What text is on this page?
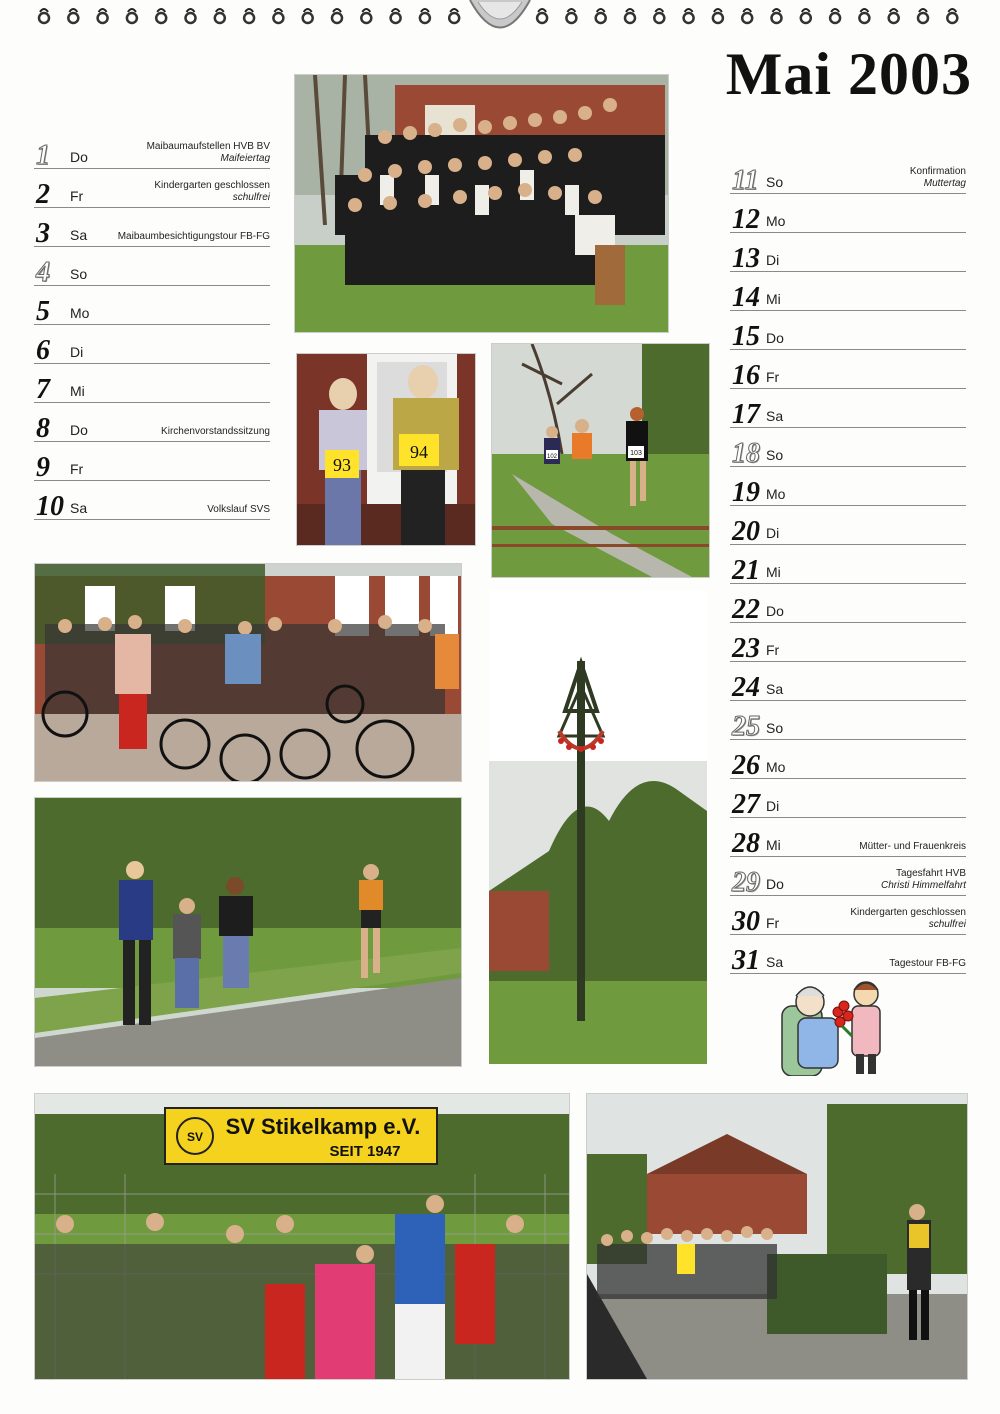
Mai 2003
1 Do
Maibaumaufstellen HVB BV
Maifeiertag
2 Fr
Kindergarten geschlossen
schulfrei
3 Sa	Maibaumbesichtigungstour FB-FG
4 So
5 Mo
6 Di
7 Mi
8 Do	Kirchenvorstandssitzung
9 Fr
10 Sa	Volkslauf SVS
11 So
Konfirmation
Muttertag
12 Mo
13 Di
14 Mi
15 Do
16 Fr
17 Sa
18 So
19 Mo
20 Di
21 Mi
22 Do
23 Fr
24 Sa
25 So
26 Mo
27 Di
28 Mi	Mütter- und Frauenkreis
29 Do
Tagesfahrt HVB
Christi Himmelfahrt
30 Fr
Kindergarten geschlossen
schulfrei
31 Sa	Tagestour FB-FG
93
94	102	103
SV SV Stikelkamp e.V.
SEIT 1947
